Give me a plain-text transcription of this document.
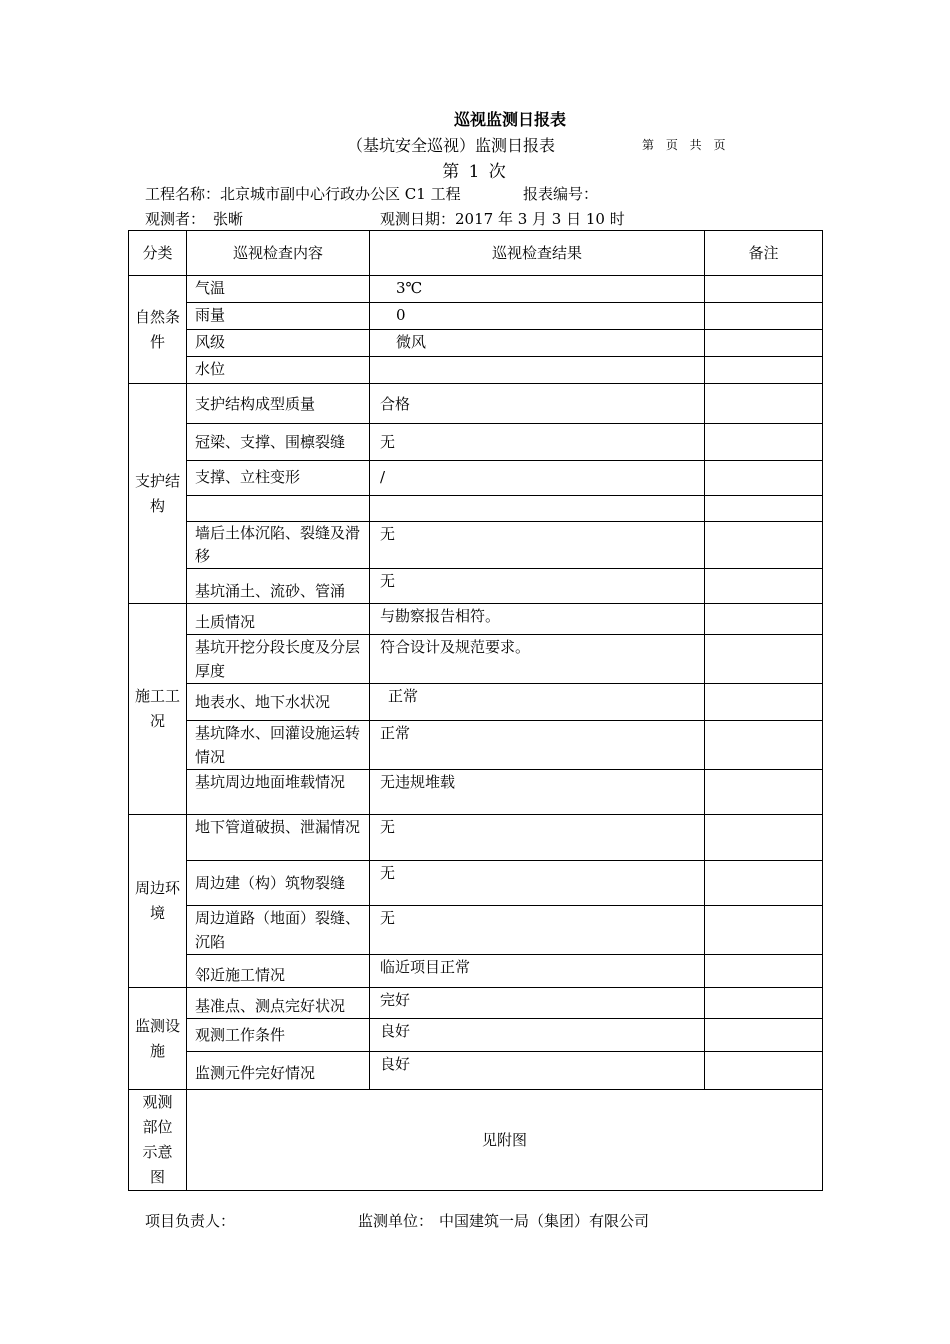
巡视监测日报表
（基坑安全巡视）监测日报表	第 页 共 页
第 1 次
工程名称：北京城市副中心行政办公区 C1 工程	报表编号：
观测者： 张晰	观测日期：2017 年 3 月 3 日 10 时
分类	巡视检查内容	巡视检查结果	备注
自然条件	气温	3℃	
	雨量	0	
	风级	微风	
	水位		
支护结构	支护结构成型质量	合格	
	冠梁、支撑、围檩裂缝	无	
	支撑、立柱变形	/	

	墙后土体沉陷、裂缝及滑移	无	
	基坑涌土、流砂、管涌	无	
施工工况	土质情况	与勘察报告相符。	
	基坑开挖分段长度及分层厚度	符合设计及规范要求。	
	地表水、地下水状况	正常	
	基坑降水、回灌设施运转情况	正常	
	基坑周边地面堆载情况	无违规堆载	
周边环境	地下管道破损、泄漏情况	无	
	周边建（构）筑物裂缝	无	
	周边道路（地面）裂缝、沉陷	无	
	邻近施工情况	临近项目正常	
监测设施	基准点、测点完好状况	完好	
	观测工作条件	良好	
	监测元件完好情况	良好	
观测部位示意图	见附图		
项目负责人：	监测单位： 中国建筑一局（集团）有限公司
